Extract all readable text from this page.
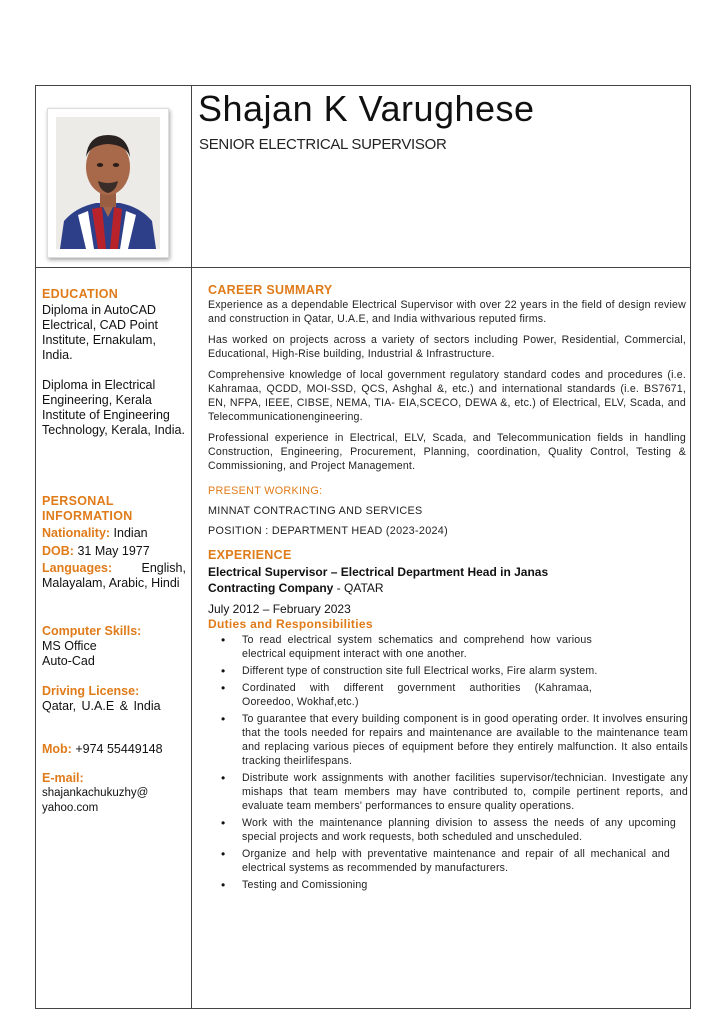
Shajan K Varughese
SENIOR ELECTRICAL SUPERVISOR
EDUCATION
Diploma in AutoCAD Electrical, CAD Point Institute, Ernakulam, India.
Diploma in Electrical Engineering, Kerala Institute of Engineering Technology, Kerala, India.
PERSONAL INFORMATION
Nationality: Indian
DOB: 31 May 1977
Languages: English, Malayalam, Arabic, Hindi
Computer Skills:
MS Office
Auto-Cad
Driving License:
Qatar, U.A.E & India
Mob: +974 55449148
E-mail:
shajankachukuzhy@
yahoo.com
CAREER SUMMARY
Experience as a dependable Electrical Supervisor with over 22 years in the field of design review and construction in Qatar, U.A.E, and India withvarious reputed firms.
Has worked on projects across a variety of sectors including Power, Residential, Commercial, Educational, High-Rise building, Industrial & Infrastructure.
Comprehensive knowledge of local government regulatory standard codes and procedures (i.e. Kahramaa, QCDD, MOI-SSD, QCS, Ashghal &, etc.) and international standards (i.e. BS7671, EN, NFPA, IEEE, CIBSE, NEMA, TIA- EIA,SCECO, DEWA &, etc.) of Electrical, ELV, Scada, and Telecommunicationengineering.
Professional experience in Electrical, ELV, Scada, and Telecommunication fields in handling Construction, Engineering, Procurement, Planning, coordination, Quality Control, Testing & Commissioning, and Project Management.
PRESENT WORKING:
MINNAT CONTRACTING AND SERVICES
POSITION : DEPARTMENT HEAD (2023-2024)
EXPERIENCE
Electrical Supervisor – Electrical Department Head in Janas Contracting Company - QATAR
July 2012 – February 2023
Duties and Responsibilities
• To read electrical system schematics and comprehend how various electrical equipment interact with one another.
• Different type of construction site full Electrical works, Fire alarm system.
• Cordinated with different government authorities (Kahramaa, Ooreedoo, Wokhaf,etc.)
• To guarantee that every building component is in good operating order. It involves ensuring that the tools needed for repairs and maintenance are available to the maintenance team and replacing various pieces of equipment before they entirely malfunction. It also entails tracking theirlifespans.
• Distribute work assignments with another facilities supervisor/technician. Investigate any mishaps that team members may have contributed to, compile pertinent reports, and evaluate team members' performances to ensure quality operations.
• Work with the maintenance planning division to assess the needs of any upcoming special projects and work requests, both scheduled and unscheduled.
• Organize and help with preventative maintenance and repair of all mechanical and electrical systems as recommended by manufacturers.
• Testing and Comissioning
